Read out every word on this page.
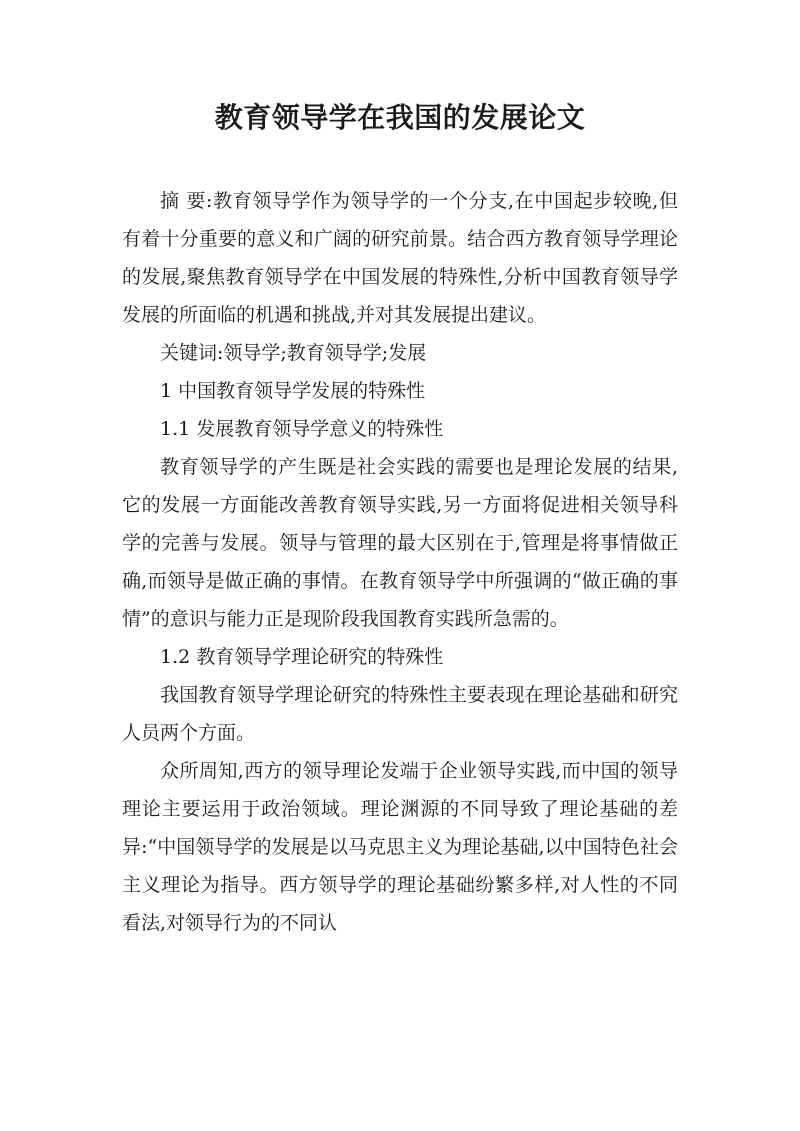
教育领导学在我国的发展论文

摘 要:教育领导学作为领导学的一个分支,在中国起步较晚,但有着十分重要的意义和广阔的研究前景。结合西方教育领导学理论的发展,聚焦教育领导学在中国发展的特殊性,分析中国教育领导学发展的所面临的机遇和挑战,并对其发展提出建议。

关键词:领导学;教育领导学;发展

1 中国教育领导学发展的特殊性

1.1 发展教育领导学意义的特殊性

教育领导学的产生既是社会实践的需要也是理论发展的结果,它的发展一方面能改善教育领导实践,另一方面将促进相关领导科学的完善与发展。领导与管理的最大区别在于,管理是将事情做正确,而领导是做正确的事情。在教育领导学中所强调的“做正确的事情”的意识与能力正是现阶段我国教育实践所急需的。

1.2 教育领导学理论研究的特殊性

我国教育领导学理论研究的特殊性主要表现在理论基础和研究人员两个方面。

众所周知,西方的领导理论发端于企业领导实践,而中国的领导理论主要运用于政治领域。理论渊源的不同导致了理论基础的差异:“中国领导学的发展是以马克思主义为理论基础,以中国特色社会主义理论为指导。西方领导学的理论基础纷繁多样,对人性的不同看法,对领导行为的不同认
